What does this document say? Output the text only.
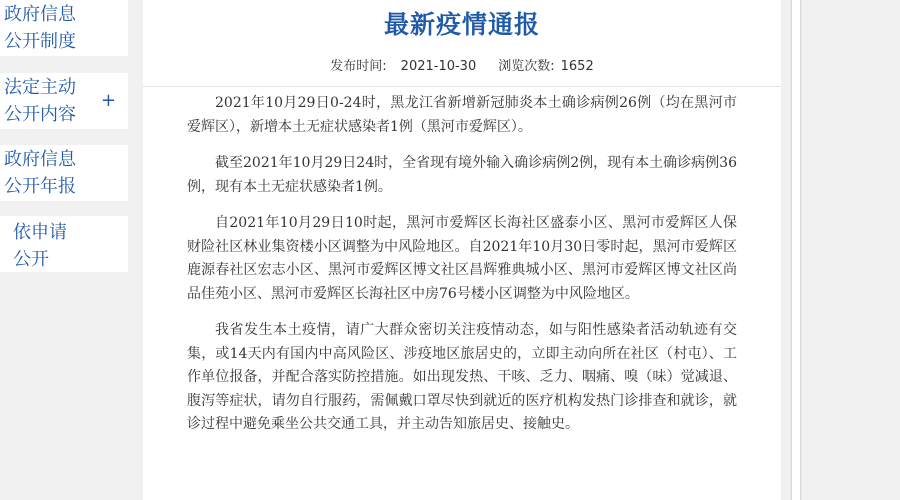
政府信息
公开制度
法定主动
公开内容
+
政府信息
公开年报
依申请
公开
最新疫情通报
发布时间: 2021-10-30 浏览次数: 1652

2021年10月29日0-24时，黑龙江省新增新冠肺炎本土确诊病例26例（均在黑河市爱辉区），新增本土无症状感染者1例（黑河市爱辉区）。

截至2021年10月29日24时，全省现有境外输入确诊病例2例，现有本土确诊病例36例，现有本土无症状感染者1例。

自2021年10月29日10时起，黑河市爱辉区长海社区盛泰小区、黑河市爱辉区人保财险社区林业集资楼小区调整为中风险地区。自2021年10月30日零时起，黑河市爱辉区鹿源春社区宏志小区、黑河市爱辉区博文社区昌辉雅典城小区、黑河市爱辉区博文社区尚品佳苑小区、黑河市爱辉区长海社区中房76号楼小区调整为中风险地区。

我省发生本土疫情，请广大群众密切关注疫情动态，如与阳性感染者活动轨迹有交集，或14天内有国内中高风险区、涉疫地区旅居史的，立即主动向所在社区（村屯）、工作单位报备，并配合落实防控措施。如出现发热、干咳、乏力、咽痛、嗅（味）觉减退、腹泻等症状，请勿自行服药，需佩戴口罩尽快到就近的医疗机构发热门诊排查和就诊，就诊过程中避免乘坐公共交通工具，并主动告知旅居史、接触史。
